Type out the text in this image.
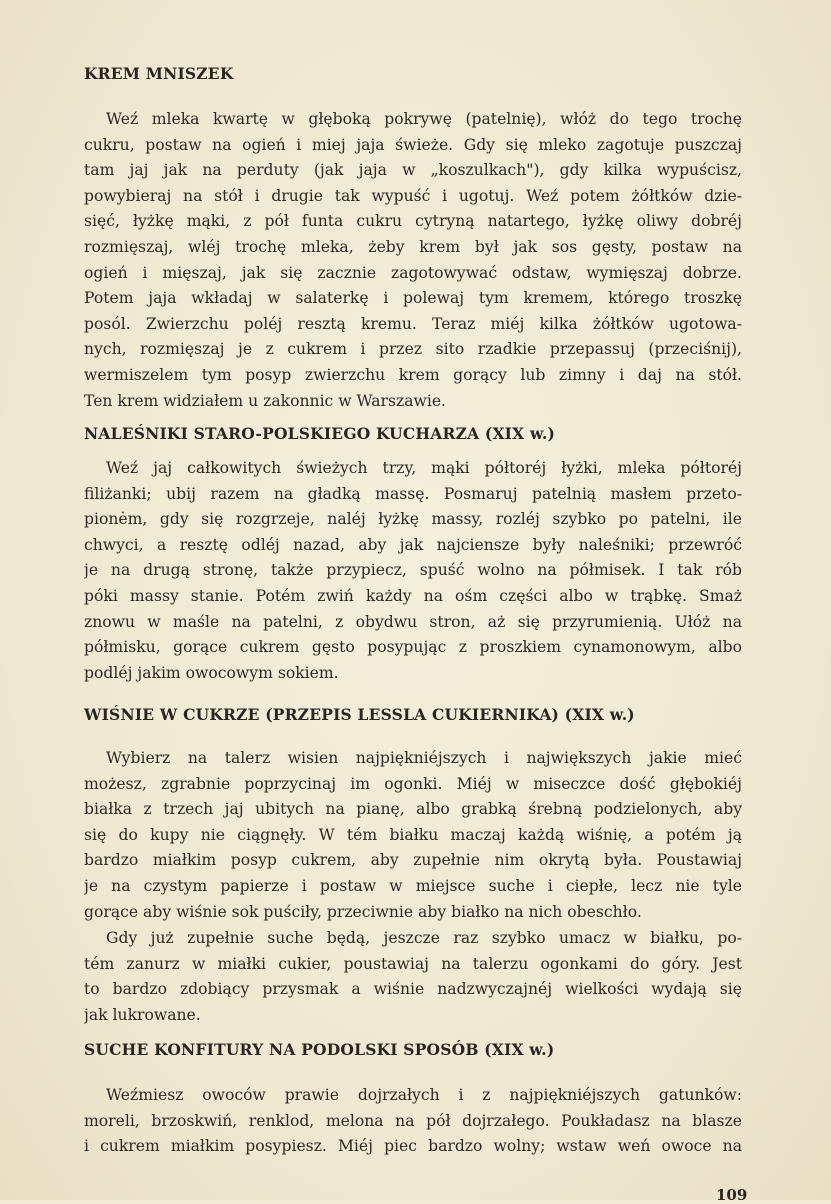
KREM MNISZEK
Weź mleka kwartę w głęboką pokrywę (patelnię), włóż do tego trochę
cukru, postaw na ogień i miej jaja świeże. Gdy się mleko zagotuje puszczaj
tam jaj jak na perduty (jak jaja w „koszulkach"), gdy kilka wypuścisz,
powybieraj na stół i drugie tak wypuść i ugotuj. Weź potem żółtków dzie-
sięć, łyżkę mąki, z pół funta cukru cytryną natartego, łyżkę oliwy dobréj
rozmięszaj, wléj trochę mleka, żeby krem był jak sos gęsty, postaw na
ogień i mięszaj, jak się zacznie zagotowywać odstaw, wymięszaj dobrze.
Potem jaja wkładaj w salaterkę i polewaj tym kremem, którego troszkę
posól. Zwierzchu poléj resztą kremu. Teraz miéj kilka żółtków ugotowa-
nych, rozmięszaj je z cukrem i przez sito rzadkie przepassuj (przeciśnij),
wermiszelem tym posyp zwierzchu krem gorący lub zimny i daj na stół.
Ten krem widziałem u zakonnic w Warszawie.
NALEŚNIKI STARO-POLSKIEGO KUCHARZA (XIX w.)
Weź jaj całkowitych świeżych trzy, mąki półtoréj łyżki, mleka półtoréj
filiżanki; ubij razem na gładką massę. Posmaruj patelnią masłem przeto-
pionėm, gdy się rozgrzeje, naléj łyżkę massy, rozléj szybko po patelni, ile
chwyci, a resztę odléj nazad, aby jak najciensze były naleśniki; przewróć
je na drugą stronę, także przypiecz, spuść wolno na półmisek. I tak rób
póki massy stanie. Potém zwiń każdy na ośm części albo w trąbkę. Smaż
znowu w maśle na patelni, z obydwu stron, aż się przyrumienią. Ułóż na
półmisku, gorące cukrem gęsto posypując z proszkiem cynamonowym, albo
podléj jakim owocowym sokiem.
WIŚNIE W CUKRZE (PRZEPIS LESSLA CUKIERNIKA) (XIX w.)
Wybierz na talerz wisien najpiękniéjszych i największych jakie mieć
możesz, zgrabnie poprzycinaj im ogonki. Miéj w miseczce dość głębokiéj
białka z trzech jaj ubitych na pianę, albo grabką śrebną podzielonych, aby
się do kupy nie ciągnęły. W tém białku maczaj każdą wiśnię, a potém ją
bardzo miałkim posyp cukrem, aby zupełnie nim okrytą była. Poustawiaj
je na czystym papierze i postaw w miejsce suche i ciepłe, lecz nie tyle
gorące aby wiśnie sok puściły, przeciwnie aby białko na nich obeschło.
Gdy już zupełnie suche będą, jeszcze raz szybko umacz w białku, po-
tém zanurz w miałki cukier, poustawiaj na talerzu ogonkami do góry. Jest
to bardzo zdobiący przysmak a wiśnie nadzwyczajnéj wielkości wydają się
jak lukrowane.
SUCHE KONFITURY NA PODOLSKI SPOSÓB (XIX w.)
Weźmiesz owoców prawie dojrzałych i z najpiękniéjszych gatunków:
moreli, brzoskwiń, renklod, melona na pół dojrzałego. Poukładasz na blasze
i cukrem miałkim posypiesz. Miéj piec bardzo wolny; wstaw weń owoce na
109
